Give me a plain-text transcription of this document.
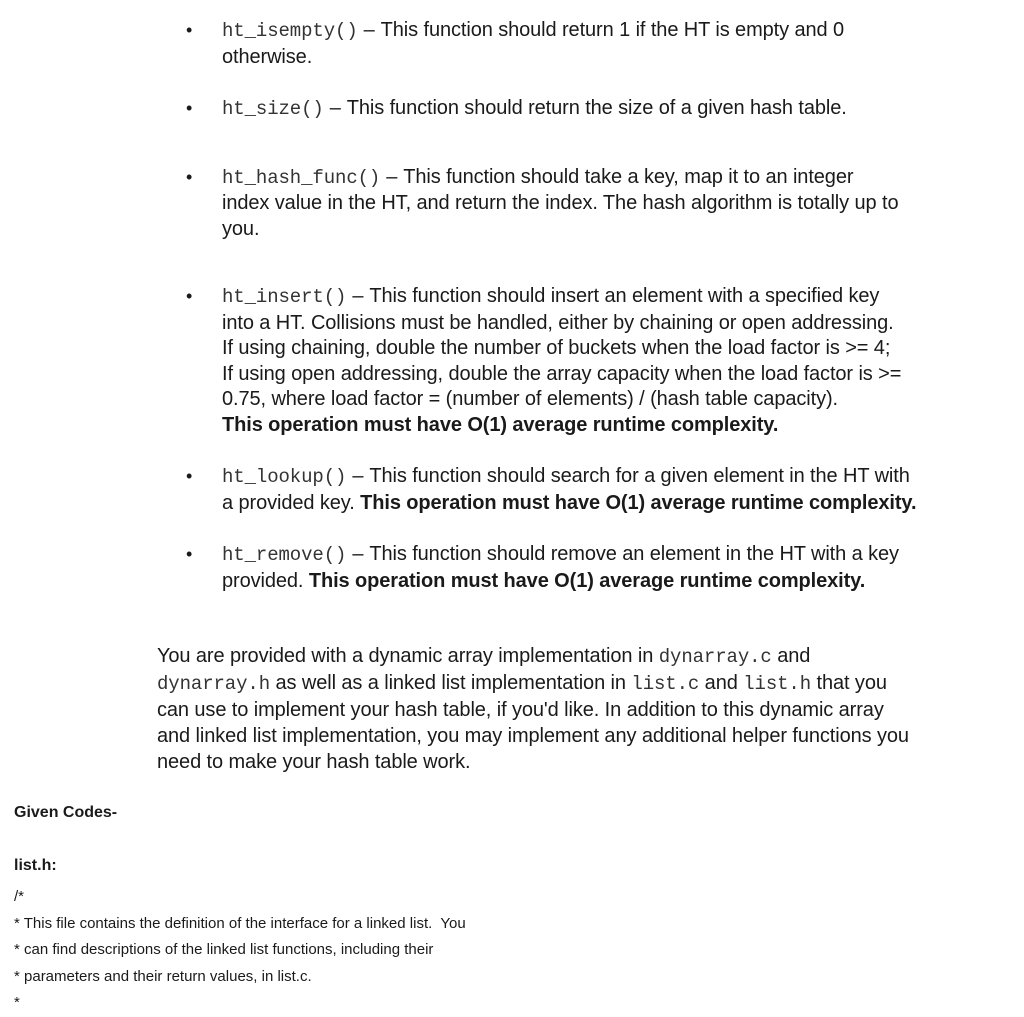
• ht_isempty() – This function should return 1 if the HT is empty and 0
otherwise.
• ht_size() – This function should return the size of a given hash table.
• ht_hash_func() – This function should take a key, map it to an integer
index value in the HT, and return the index. The hash algorithm is totally up to
you.
• ht_insert() – This function should insert an element with a specified key
into a HT. Collisions must be handled, either by chaining or open addressing.
If using chaining, double the number of buckets when the load factor is >= 4;
If using open addressing, double the array capacity when the load factor is >=
0.75, where load factor = (number of elements) / (hash table capacity).
This operation must have O(1) average runtime complexity.
• ht_lookup() – This function should search for a given element in the HT with
a provided key. This operation must have O(1) average runtime complexity.
• ht_remove() – This function should remove an element in the HT with a key
provided. This operation must have O(1) average runtime complexity.

You are provided with a dynamic array implementation in dynarray.c and
dynarray.h as well as a linked list implementation in list.c and list.h that you
can use to implement your hash table, if you'd like. In addition to this dynamic array
and linked list implementation, you may implement any additional helper functions you
need to make your hash table work.

Given Codes-

list.h:

/*
* This file contains the definition of the interface for a linked list.  You
* can find descriptions of the linked list functions, including their
* parameters and their return values, in list.c.
*
